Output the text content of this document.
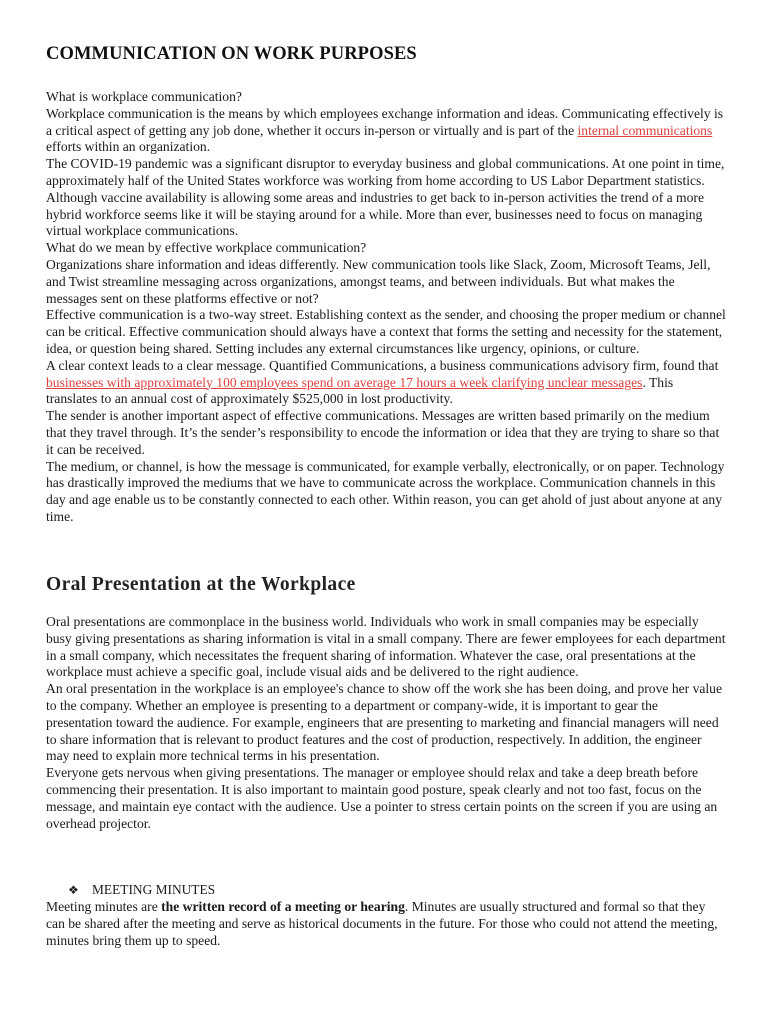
COMMUNICATION ON WORK PURPOSES

What is workplace communication?

Workplace communication is the means by which employees exchange information and ideas. Communicating effectively is a critical aspect of getting any job done, whether it occurs in-person or virtually and is part of the internal communications efforts within an organization.

The COVID-19 pandemic was a significant disruptor to everyday business and global communications. At one point in time, approximately half of the United States workforce was working from home according to US Labor Department statistics. Although vaccine availability is allowing some areas and industries to get back to in-person activities the trend of a more hybrid workforce seems like it will be staying around for a while. More than ever, businesses need to focus on managing virtual workplace communications.

What do we mean by effective workplace communication?

Organizations share information and ideas differently. New communication tools like Slack, Zoom, Microsoft Teams, Jell, and Twist streamline messaging across organizations, amongst teams, and between individuals. But what makes the messages sent on these platforms effective or not?

Effective communication is a two-way street. Establishing context as the sender, and choosing the proper medium or channel can be critical. Effective communication should always have a context that forms the setting and necessity for the statement, idea, or question being shared. Setting includes any external circumstances like urgency, opinions, or culture.

A clear context leads to a clear message. Quantified Communications, a business communications advisory firm, found that businesses with approximately 100 employees spend on average 17 hours a week clarifying unclear messages. This translates to an annual cost of approximately $525,000 in lost productivity.

The sender is another important aspect of effective communications. Messages are written based primarily on the medium that they travel through. It’s the sender’s responsibility to encode the information or idea that they are trying to share so that it can be received.

The medium, or channel, is how the message is communicated, for example verbally, electronically, or on paper. Technology has drastically improved the mediums that we have to communicate across the workplace. Communication channels in this day and age enable us to be constantly connected to each other. Within reason, you can get ahold of just about anyone at any time.

Oral Presentation at the Workplace

Oral presentations are commonplace in the business world. Individuals who work in small companies may be especially busy giving presentations as sharing information is vital in a small company. There are fewer employees for each department in a small company, which necessitates the frequent sharing of information. Whatever the case, oral presentations at the workplace must achieve a specific goal, include visual aids and be delivered to the right audience.

An oral presentation in the workplace is an employee's chance to show off the work she has been doing, and prove her value to the company. Whether an employee is presenting to a department or company-wide, it is important to gear the presentation toward the audience. For example, engineers that are presenting to marketing and financial managers will need to share information that is relevant to product features and the cost of production, respectively. In addition, the engineer may need to explain more technical terms in his presentation.

Everyone gets nervous when giving presentations. The manager or employee should relax and take a deep breath before commencing their presentation. It is also important to maintain good posture, speak clearly and not too fast, focus on the message, and maintain eye contact with the audience. Use a pointer to stress certain points on the screen if you are using an overhead projector.

❖ MEETING MINUTES

Meeting minutes are the written record of a meeting or hearing. Minutes are usually structured and formal so that they can be shared after the meeting and serve as historical documents in the future. For those who could not attend the meeting, minutes bring them up to speed.
